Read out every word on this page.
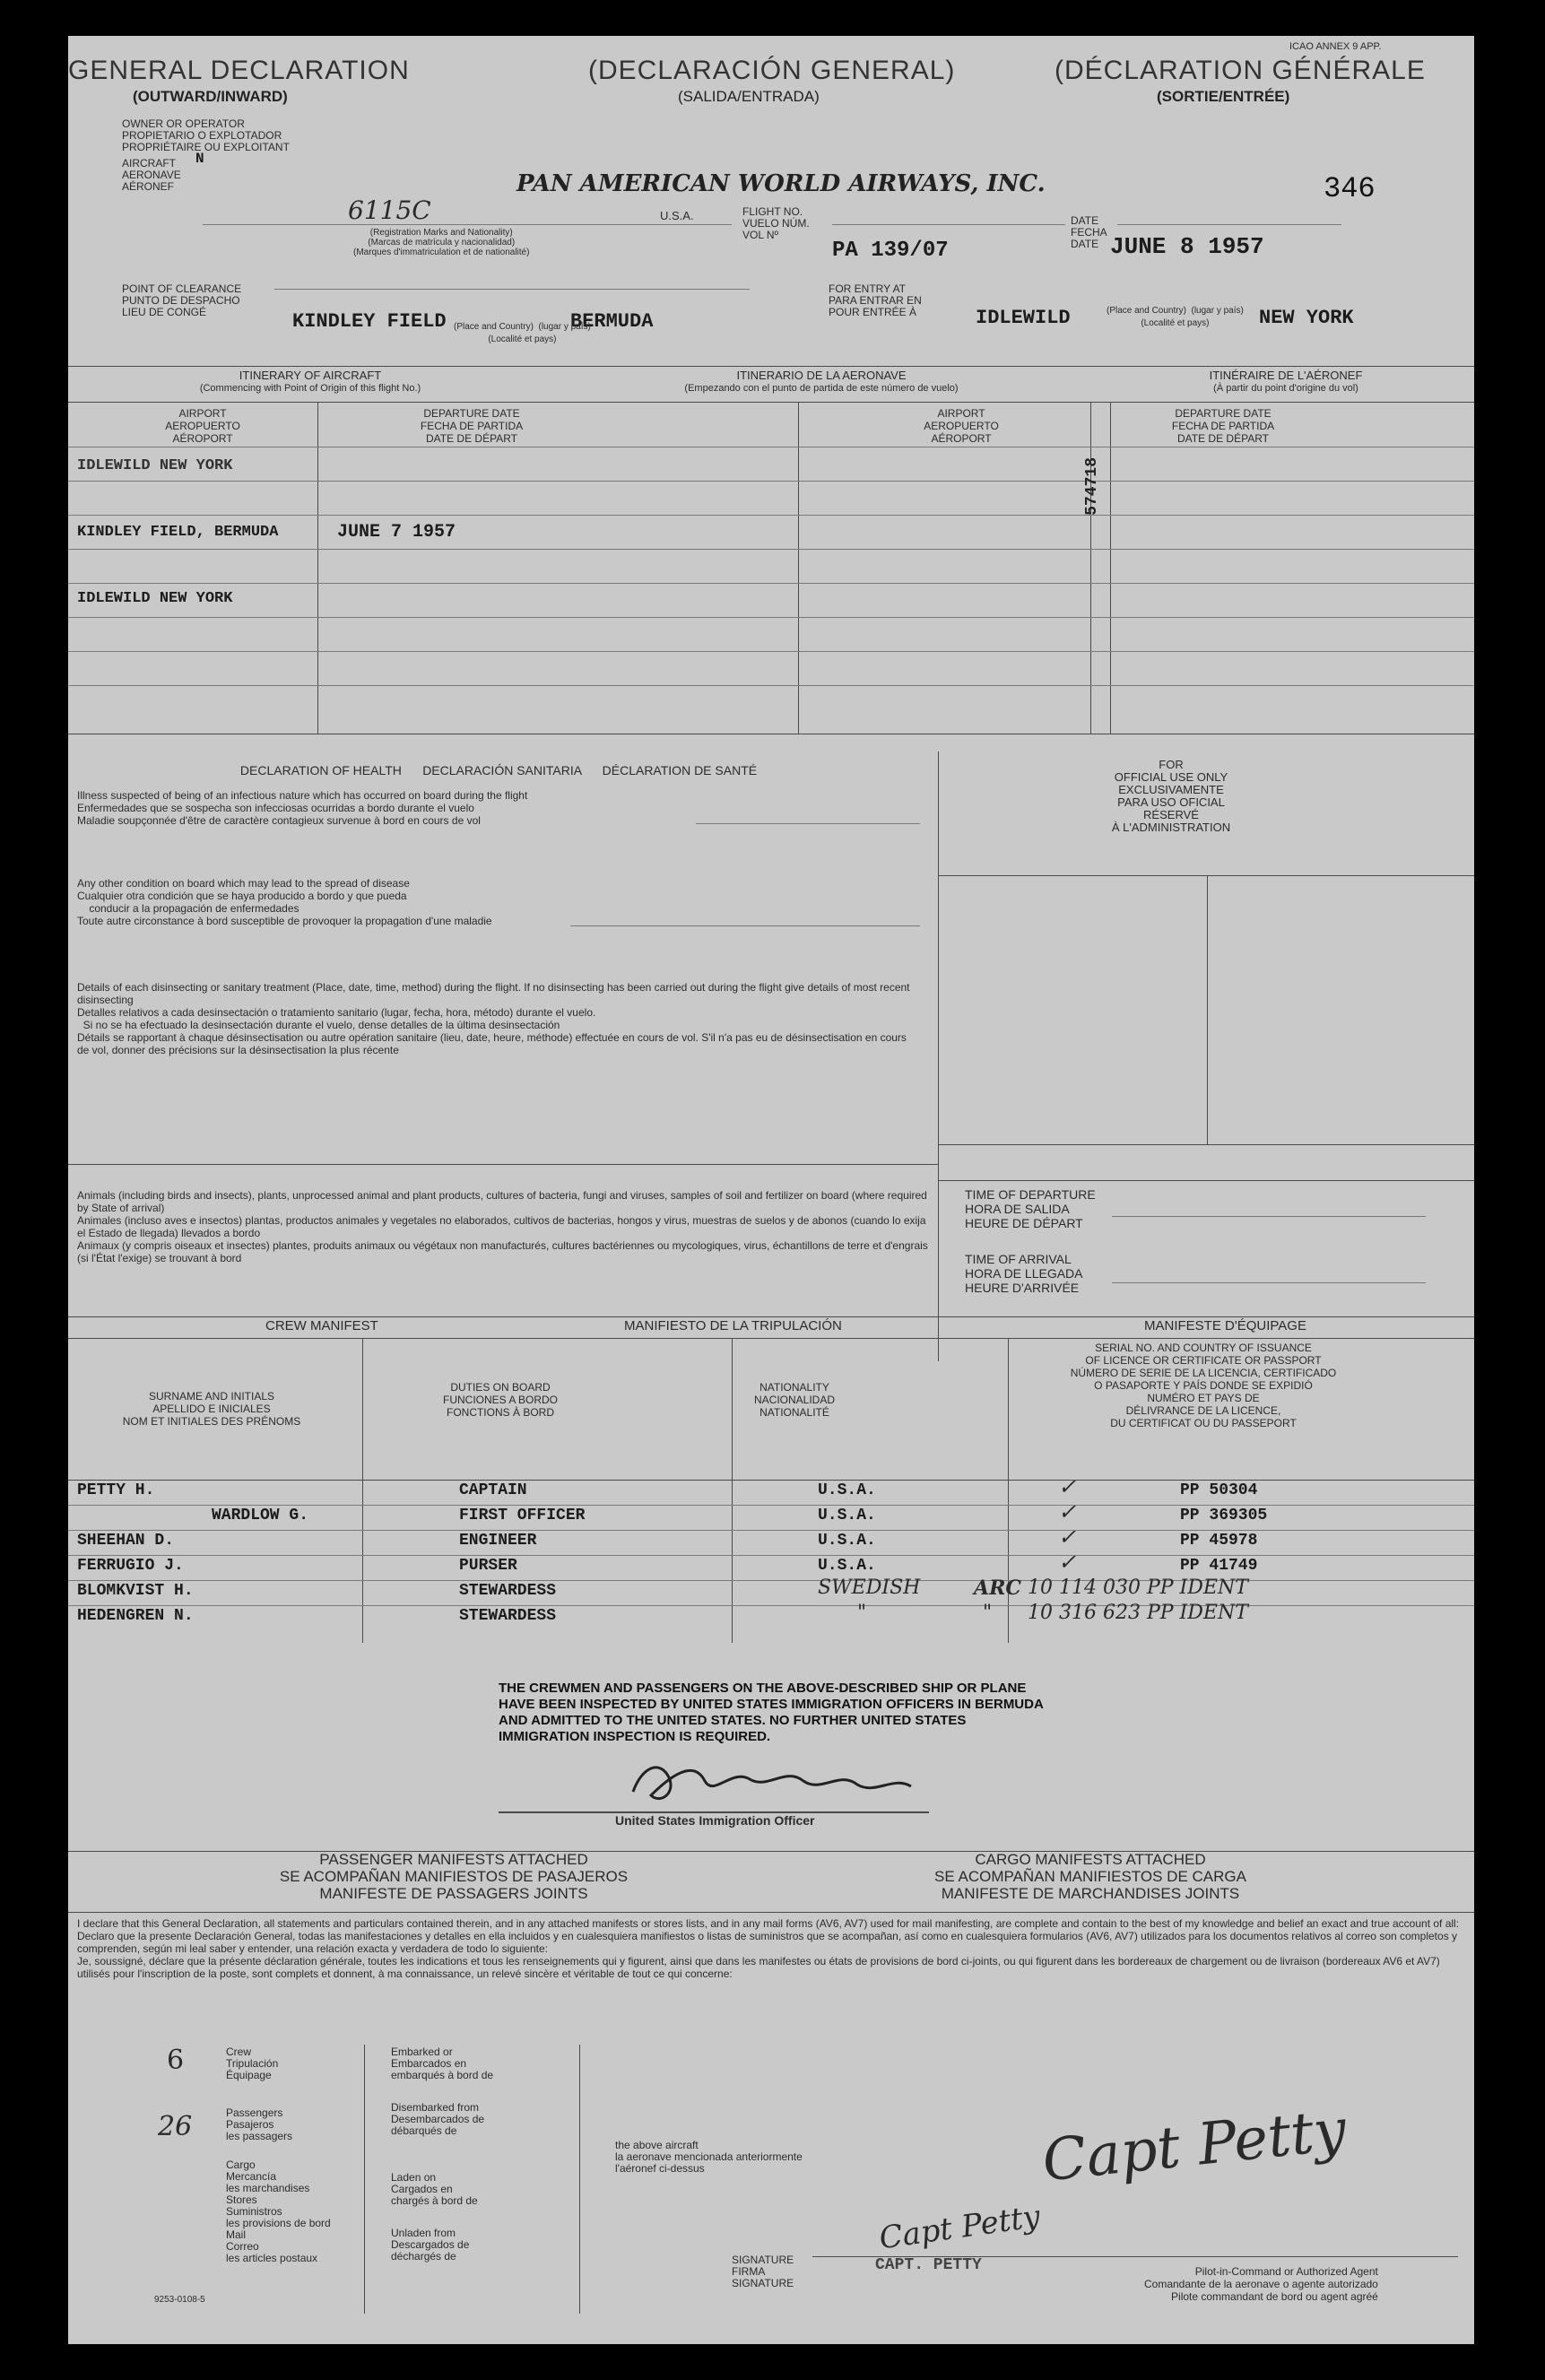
ICAO ANNEX 9 APP.
GENERAL DECLARATION	(DECLARACIÓN GENERAL)	(DÉCLARATION GÉNÉRALE
(OUTWARD/INWARD)	(SALIDA/ENTRADA)	(SORTIE/ENTRÉE)
346
OWNER OR OPERATOR
PROPIETARIO O EXPLOTADOR
PROPRIÉTAIRE OU EXPLOITANT
PAN AMERICAN WORLD AIRWAYS, INC.
AIRCRAFT
AERONAVE
AÉRONEF
N
6115C	U.S.A.
(Registration Marks and Nationality)
(Marcas de matrícula y nacionalidad)
(Marques d'immatriculation et de nationalité)
FLIGHT NO.
VUELO NÚM.
VOL Nº
PA 139/07
DATE
FECHA
DATE JUNE 8 1957
POINT OF CLEARANCE
PUNTO DE DESPACHO
LIEU DE CONGÉ	KINDLEY FIELD	BERMUDA
(Place and Country)  (lugar y país)
(Localité et pays)
FOR ENTRY AT
PARA ENTRAR EN
POUR ENTRÉE À	IDLEWILD	NEW YORK
(Place and Country)  (lugar y país)
(Localité et pays)
ITINERARY OF AIRCRAFT
(Commencing with Point of Origin of this flight No.)
ITINERARIO DE LA AERONAVE
(Empezando con el punto de partida de este número de vuelo)
ITINÉRAIRE DE L'AÉRONEF
(À partir du point d'origine du vol)
AIRPORT
AEROPUERTO
AÉROPORT
DEPARTURE DATE
FECHA DE PARTIDA
DATE DE DÉPART
AIRPORT
AEROPUERTO
AÉROPORT
DEPARTURE DATE
FECHA DE PARTIDA
DATE DE DÉPART
IDLEWILD NEW YORK
KINDLEY FIELD, BERMUDA	JUNE 7 1957
IDLEWILD NEW YORK
574718
DECLARATION OF HEALTH      DECLARACIÓN SANITARIA      DÉCLARATION DE SANTÉ
Illness suspected of being of an infectious nature which has occurred on board during the flight
Enfermedades que se sospecha son infecciosas ocurridas a bordo durante el vuelo
Maladie soupçonnée d'être de caractère contagieux survenue à bord en cours de vol
Any other condition on board which may lead to the spread of disease
Cualquier otra condición que se haya producido a bordo y que pueda
conducir a la propagación de enfermedades
Toute autre circonstance à bord susceptible de provoquer la propagation d'une maladie
Details of each disinsecting or sanitary treatment (Place, date, time, method) during the flight. If no disinsecting has been carried out during the flight give details of most recent disinsecting
Detalles relativos a cada desinsectación o tratamiento sanitario (lugar, fecha, hora, método) durante el vuelo.
Si no se ha efectuado la desinsectación durante el vuelo, dense detalles de la última desinsectación
Détails se rapportant à chaque désinsectisation ou autre opération sanitaire (lieu, date, heure, méthode) effectuée en cours de vol. S'il n'a pas eu de désinsectisation en cours de vol, donner des précisions sur la désinsectisation la plus récente
FOR
OFFICIAL USE ONLY
EXCLUSIVAMENTE
PARA USO OFICIAL
RÉSERVÉ
À L'ADMINISTRATION
Animals (including birds and insects), plants, unprocessed animal and plant products, cultures of bacteria, fungi and viruses, samples of soil and fertilizer on board (where required by State of arrival)
Animales (incluso aves e insectos) plantas, productos animales y vegetales no elaborados, cultivos de bacterias, hongos y virus, muestras de suelos y de abonos (cuando lo exija el Estado de llegada) llevados a bordo
Animaux (y compris oiseaux et insectes) plantes, produits animaux ou végétaux non manufacturés, cultures bactériennes ou mycologiques, virus, échantillons de terre et d'engrais (si l'État l'exige) se trouvant à bord
TIME OF DEPARTURE
HORA DE SALIDA
HEURE DE DÉPART
TIME OF ARRIVAL
HORA DE LLEGADA
HEURE D'ARRIVÉE
CREW MANIFEST	MANIFIESTO DE LA TRIPULACIÓN	MANIFESTE D'ÉQUIPAGE
SURNAME AND INITIALS
APELLIDO E INICIALES
NOM ET INITIALES DES PRÉNOMS
DUTIES ON BOARD
FUNCIONES A BORDO
FONCTIONS À BORD
NATIONALITY
NACIONALIDAD
NATIONALITÉ
SERIAL NO. AND COUNTRY OF ISSUANCE
OF LICENCE OR CERTIFICATE OR PASSPORT
NÚMERO DE SERIE DE LA LICENCIA, CERTIFICADO
O PASAPORTE Y PAÍS DONDE SE EXPIDIÓ
NUMÉRO ET PAYS DE
DÉLIVRANCE DE LA LICENCE,
DU CERTIFICAT OU DU PASSEPORT
PETTY H.	CAPTAIN	U.S.A.	✓	PP 50304
WARDLOW G.	FIRST OFFICER	U.S.A.	✓	PP 369305
SHEEHAN D.	ENGINEER	U.S.A.	✓	PP 45978
FERRUGIO J.	PURSER	U.S.A.	✓	PP 41749
BLOMKVIST H.	STEWARDESS	SWEDISH	ARC 10 114 030 PP IDENT
HEDENGREN N.	STEWARDESS	"	" 10 316 623 PP IDENT
THE CREWMEN AND PASSENGERS ON THE ABOVE-DESCRIBED SHIP OR PLANE HAVE BEEN INSPECTED BY UNITED STATES IMMIGRATION OFFICERS IN BERMUDA AND ADMITTED TO THE UNITED STATES. NO FURTHER UNITED STATES IMMIGRATION INSPECTION IS REQUIRED.
United States Immigration Officer
PASSENGER MANIFESTS ATTACHED
SE ACOMPAÑAN MANIFIESTOS DE PASAJEROS
MANIFESTE DE PASSAGERS JOINTS
CARGO MANIFESTS ATTACHED
SE ACOMPAÑAN MANIFIESTOS DE CARGA
MANIFESTE DE MARCHANDISES JOINTS
I declare that this General Declaration, all statements and particulars contained therein, and in any attached manifests or stores lists, and in any mail forms (AV6, AV7) used for mail manifesting, are complete and contain to the best of my knowledge and belief an exact and true account of all:
Declaro que la presente Declaración General, todas las manifestaciones y detalles en ella incluidos y en cualesquiera manifiestos o listas de suministros que se acompañan, así como en cualesquiera formularios (AV6, AV7) utilizados para los documentos relativos al correo son completos y comprenden, según mi leal saber y entender, una relación exacta y verdadera de todo lo siguiente:
Je, soussigné, déclare que la présente déclaration générale, toutes les indications et tous les renseignements qui y figurent, ainsi que dans les manifestes ou états de provisions de bord ci-joints, ou qui figurent dans les bordereaux de chargement ou de livraison (bordereaux AV6 et AV7) utilisés pour l'inscription de la poste, sont complets et donnent, à ma connaissance, un relevé sincère et véritable de tout ce qui concerne:
6	Crew
Tripulación
Équipage
26	Passengers
Pasajeros
les passagers
Cargo
Mercancía
les marchandises
Stores
Suministros
les provisions de bord
Mail
Correo
les articles postaux
Embarked or
Embarcados en
embarqués à bord de
Disembarked from
Desembarcados de
débarqués de
Laden on
Cargados en
chargés à bord de
Unladen from
Descargados de
déchargés de
the above aircraft
la aeronave mencionada anteriormente
l'aéronef ci-dessus	Capt Petty
Capt Petty
SIGNATURE
FIRMA
SIGNATURE
CAPT. PETTY	Pilot-in-Command or Authorized Agent
Comandante de la aeronave o agente autorizado
Pilote commandant de bord ou agent agréé
9253-0108-5
